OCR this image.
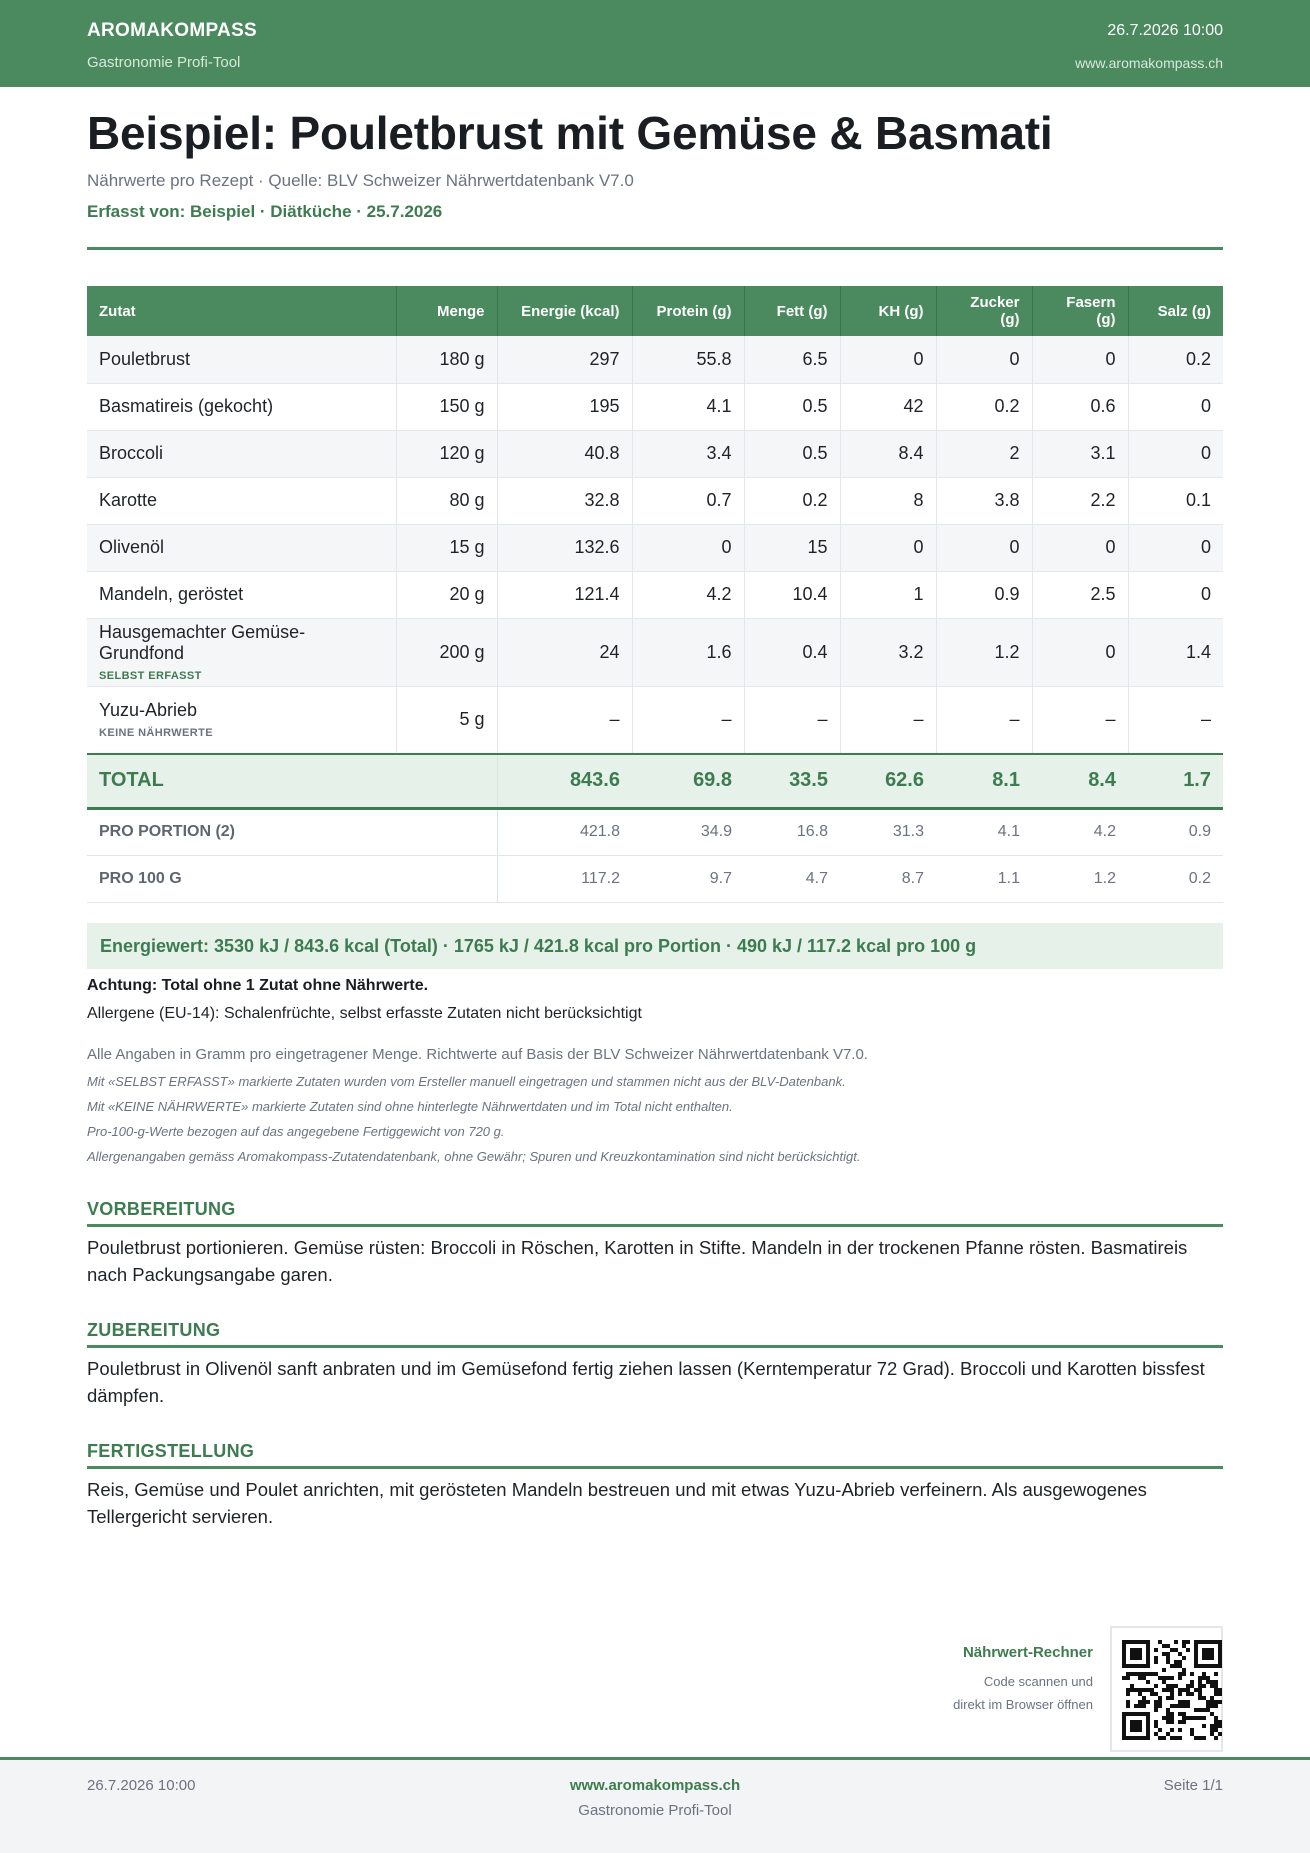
AROMAKOMPASS
Gastronomie Profi-Tool
26.7.2026 10:00
www.aromakompass.ch
Beispiel: Pouletbrust mit Gemüse & Basmati
Nährwerte pro Rezept · Quelle: BLV Schweizer Nährwertdatenbank V7.0
Erfasst von: Beispiel · Diätküche · 25.7.2026
Zutat	Menge	Energie (kcal)	Protein (g)	Fett (g)	KH (g)	Zucker (g)	Fasern (g)	Salz (g)
Pouletbrust	180 g	297	55.8	6.5	0	0	0	0.2
Basmatireis (gekocht)	150 g	195	4.1	0.5	42	0.2	0.6	0
Broccoli	120 g	40.8	3.4	0.5	8.4	2	3.1	0
Karotte	80 g	32.8	0.7	0.2	8	3.8	2.2	0.1
Olivenöl	15 g	132.6	0	15	0	0	0	0
Mandeln, geröstet	20 g	121.4	4.2	10.4	1	0.9	2.5	0
Hausgemachter Gemüse-Grundfond
SELBST ERFASST	200 g	24	1.6	0.4	3.2	1.2	0	1.4
Yuzu-Abrieb
KEINE NÄHRWERTE	5 g	–	–	–	–	–	–	–
TOTAL		843.6	69.8	33.5	62.6	8.1	8.4	1.7
PRO PORTION (2)		421.8	34.9	16.8	31.3	4.1	4.2	0.9
PRO 100 G		117.2	9.7	4.7	8.7	1.1	1.2	0.2
Energiewert: 3530 kJ / 843.6 kcal (Total) · 1765 kJ / 421.8 kcal pro Portion · 490 kJ / 117.2 kcal pro 100 g
Achtung: Total ohne 1 Zutat ohne Nährwerte.
Allergene (EU-14): Schalenfrüchte, selbst erfasste Zutaten nicht berücksichtigt
Alle Angaben in Gramm pro eingetragener Menge. Richtwerte auf Basis der BLV Schweizer Nährwertdatenbank V7.0.
Mit «SELBST ERFASST» markierte Zutaten wurden vom Ersteller manuell eingetragen und stammen nicht aus der BLV-Datenbank.
Mit «KEINE NÄHRWERTE» markierte Zutaten sind ohne hinterlegte Nährwertdaten und im Total nicht enthalten.
Pro-100-g-Werte bezogen auf das angegebene Fertiggewicht von 720 g.
Allergenangaben gemäss Aromakompass-Zutatendatenbank, ohne Gewähr; Spuren und Kreuzkontamination sind nicht berücksichtigt.
VORBEREITUNG

Pouletbrust portionieren. Gemüse rüsten: Broccoli in Röschen, Karotten in Stifte. Mandeln in der trockenen Pfanne rösten. Basmatireis nach Packungsangabe garen.

ZUBEREITUNG

Pouletbrust in Olivenöl sanft anbraten und im Gemüsefond fertig ziehen lassen (Kerntemperatur 72 Grad). Broccoli und Karotten bissfest dämpfen.

FERTIGSTELLUNG

Reis, Gemüse und Poulet anrichten, mit gerösteten Mandeln bestreuen und mit etwas Yuzu-Abrieb verfeinern. Als ausgewogenes Tellergericht servieren.

Nährwert-Rechner
Code scannen und
direkt im Browser öffnen
26.7.2026 10:00	www.aromakompass.ch
Gastronomie Profi-Tool
Seite 1/1
